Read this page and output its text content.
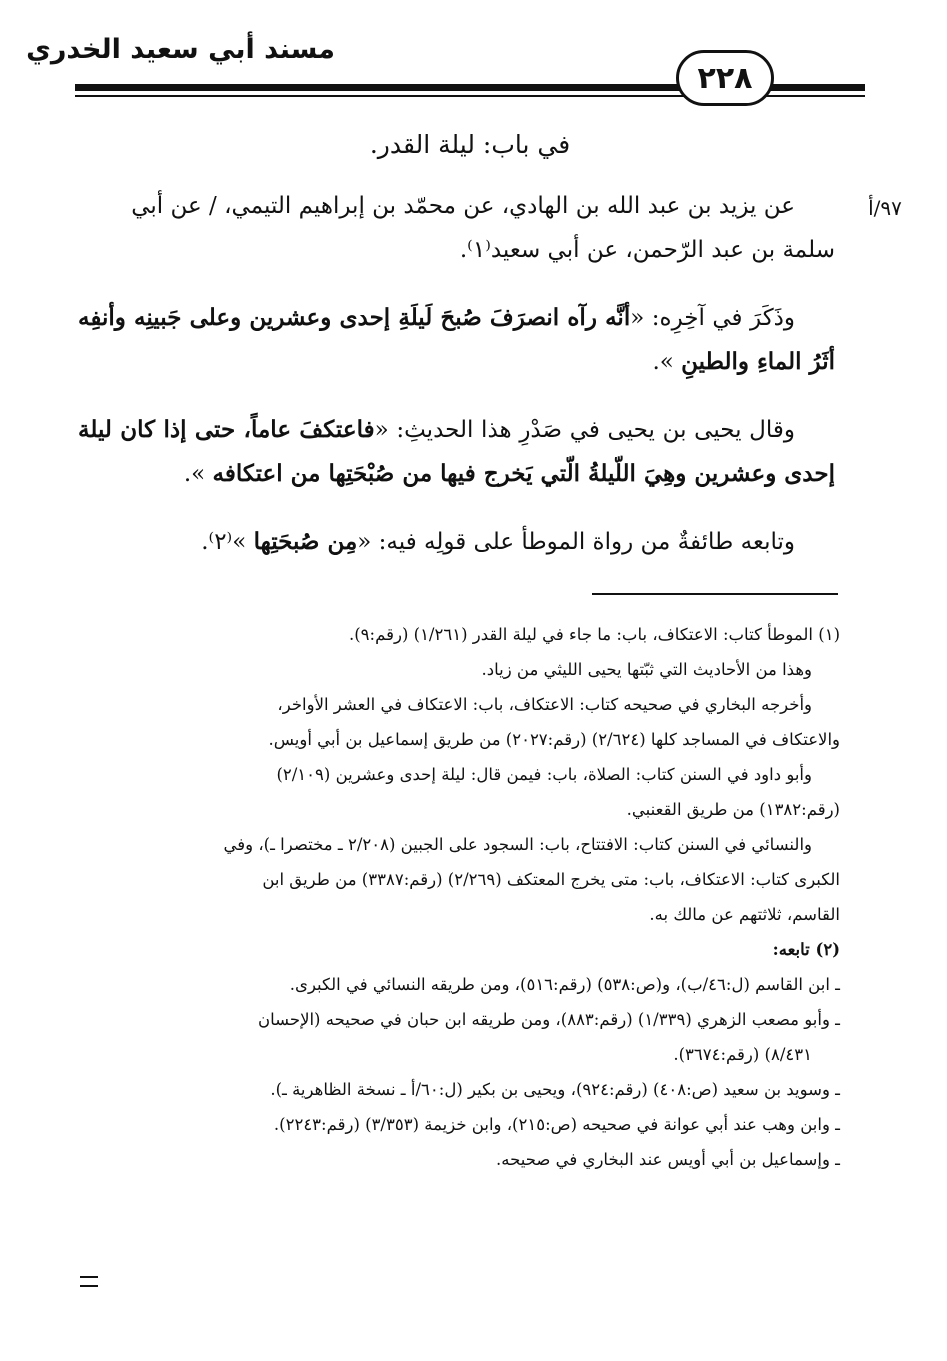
مسند أبي سعيد الخدري
٢٢٨
في باب: ليلة القدر.
٩٧/أ

عن يزيد بن عبد الله بن الهادي، عن محمّد بن إبراهيم التيمي، / عن أبي

سلمة بن عبد الرّحمن، عن أبي سعيد⁽١⁾.

وذَكَرَ في آخِرِه: «أنَّه رآه انصرَفَ صُبحَ لَيلَةِ إحدى وعشرين وعلى جَبينِه وأنفِه أثَرُ الماءِ والطينِ ».

وقال يحيى بن يحيى في صَدْرِ هذا الحديثِ: «فاعتكفَ عاماً، حتى إذا كان ليلة إحدى وعشرين وهِيَ اللّيلةُ الّتي يَخرج فيها من صُبْحَتِها من اعتكافه ».

وتابعه طائفةٌ من رواة الموطأ على قولِه فيه: «مِن صُبحَتِها »⁽٢⁾.

(١) الموطأ كتاب: الاعتكاف، باب: ما جاء في ليلة القدر (١/٢٦١) (رقم:٩).

وهذا من الأحاديث التي ثبّتها يحيى الليثي من زياد.

وأخرجه البخاري في صحيحه كتاب: الاعتكاف، باب: الاعتكاف في العشر الأواخر،

والاعتكاف في المساجد كلها (٢/٦٢٤) (رقم:٢٠٢٧) من طريق إسماعيل بن أبي أويس.

وأبو داود في السنن كتاب: الصلاة، باب: فيمن قال: ليلة إحدى وعشرين (٢/١٠٩)

(رقم:١٣٨٢) من طريق القعنبي.

والنسائي في السنن كتاب: الافتتاح، باب: السجود على الجبين (٢/٢٠٨ ـ مختصرا ـ)، وفي

الكبرى كتاب: الاعتكاف، باب: متى يخرج المعتكف (٢/٢٦٩) (رقم:٣٣٨٧) من طريق ابن

القاسم، ثلاثتهم عن مالك به.

(٢) تابعه:

ـ ابن القاسم (ل:٤٦/ب)، و(ص:٥٣٨) (رقم:٥١٦)، ومن طريقه النسائي في الكبرى.

ـ وأبو مصعب الزهري (١/٣٣٩) (رقم:٨٨٣)، ومن طريقه ابن حبان في صحيحه (الإحسان

٨/٤٣١) (رقم:٣٦٧٤).

ـ وسويد بن سعيد (ص:٤٠٨) (رقم:٩٢٤)، ويحيى بن بكير (ل:٦٠/أ ـ نسخة الظاهرية ـ).

ـ وابن وهب عند أبي عوانة في صحيحه (ص:٢١٥)، وابن خزيمة (٣/٣٥٣) (رقم:٢٢٤٣).

ـ وإسماعيل بن أبي أويس عند البخاري في صحيحه.
